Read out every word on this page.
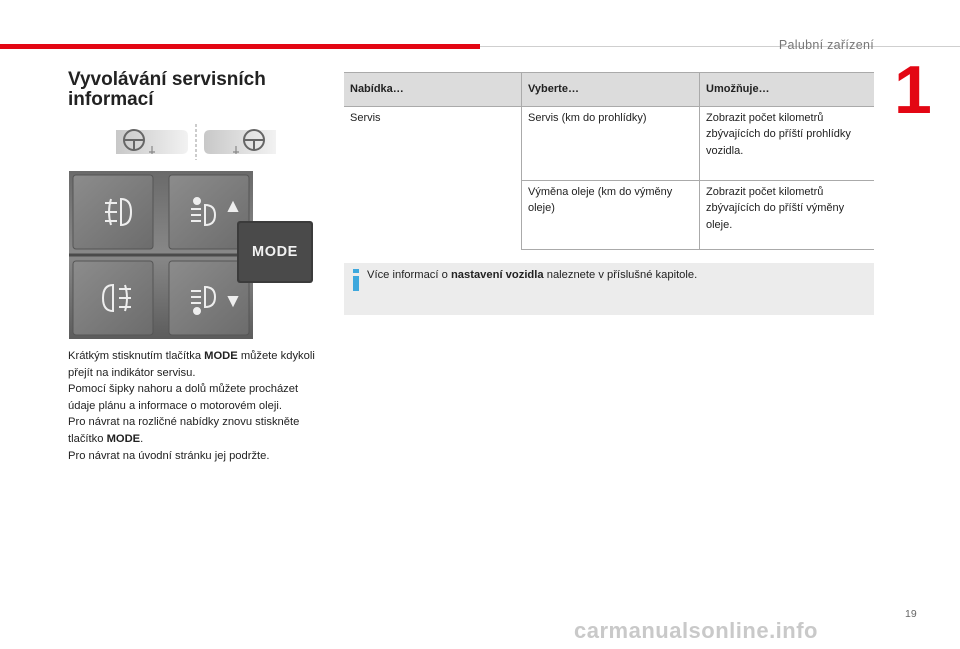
Palubní zařízení
1
Vyvolávání servisních
informací
MODE

Krátkým stisknutím tlačítka MODE můžete kdykoli přejít na indikátor servisu.

Pomocí šipky nahoru a dolů můžete procházet údaje plánu a informace o motorovém oleji.

Pro návrat na rozličné nabídky znovu stiskněte tlačítko MODE.

Pro návrat na úvodní stránku jej podržte.

Nabídka…	Vyberte…	Umožňuje…
Servis	Servis (km do prohlídky)	Zobrazit počet kilometrů zbývajících do příští prohlídky vozidla.
	Výměna oleje (km do výměny oleje)	Zobrazit počet kilometrů zbývajících do příští výměny oleje.
Více informací o nastavení vozidla naleznete v příslušné kapitole.
19
carmanualsonline.info
